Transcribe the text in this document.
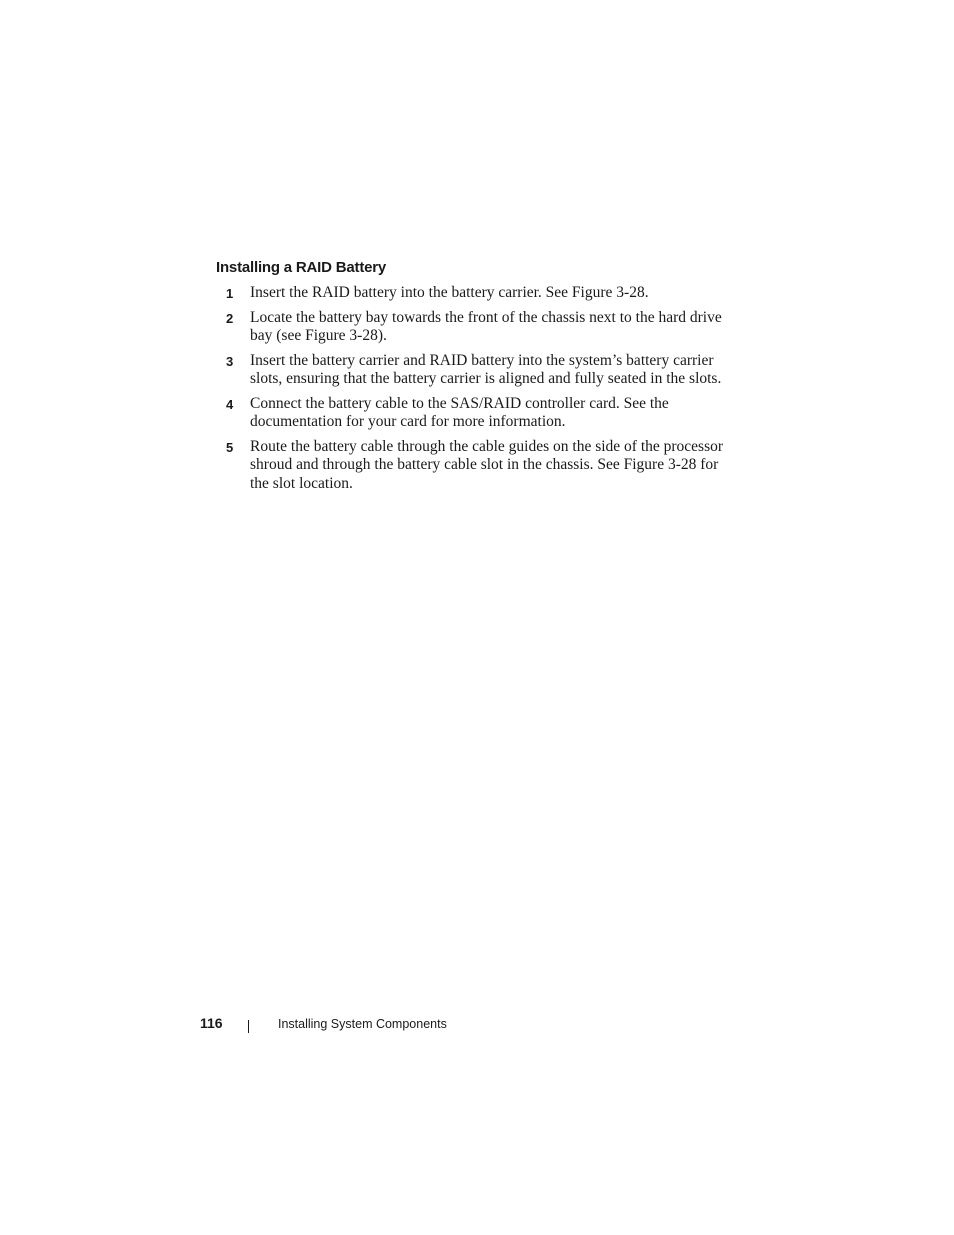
Installing a RAID Battery
1 Insert the RAID battery into the battery carrier. See Figure 3-28.
2 Locate the battery bay towards the front of the chassis next to the hard drive bay (see Figure 3-28).
3 Insert the battery carrier and RAID battery into the system’s battery carrier slots, ensuring that the battery carrier is aligned and fully seated in the slots.
4 Connect the battery cable to the SAS/RAID controller card. See the documentation for your card for more information.
5 Route the battery cable through the cable guides on the side of the processor shroud and through the battery cable slot in the chassis. See Figure 3-28 for the slot location.
116	Installing System Components
